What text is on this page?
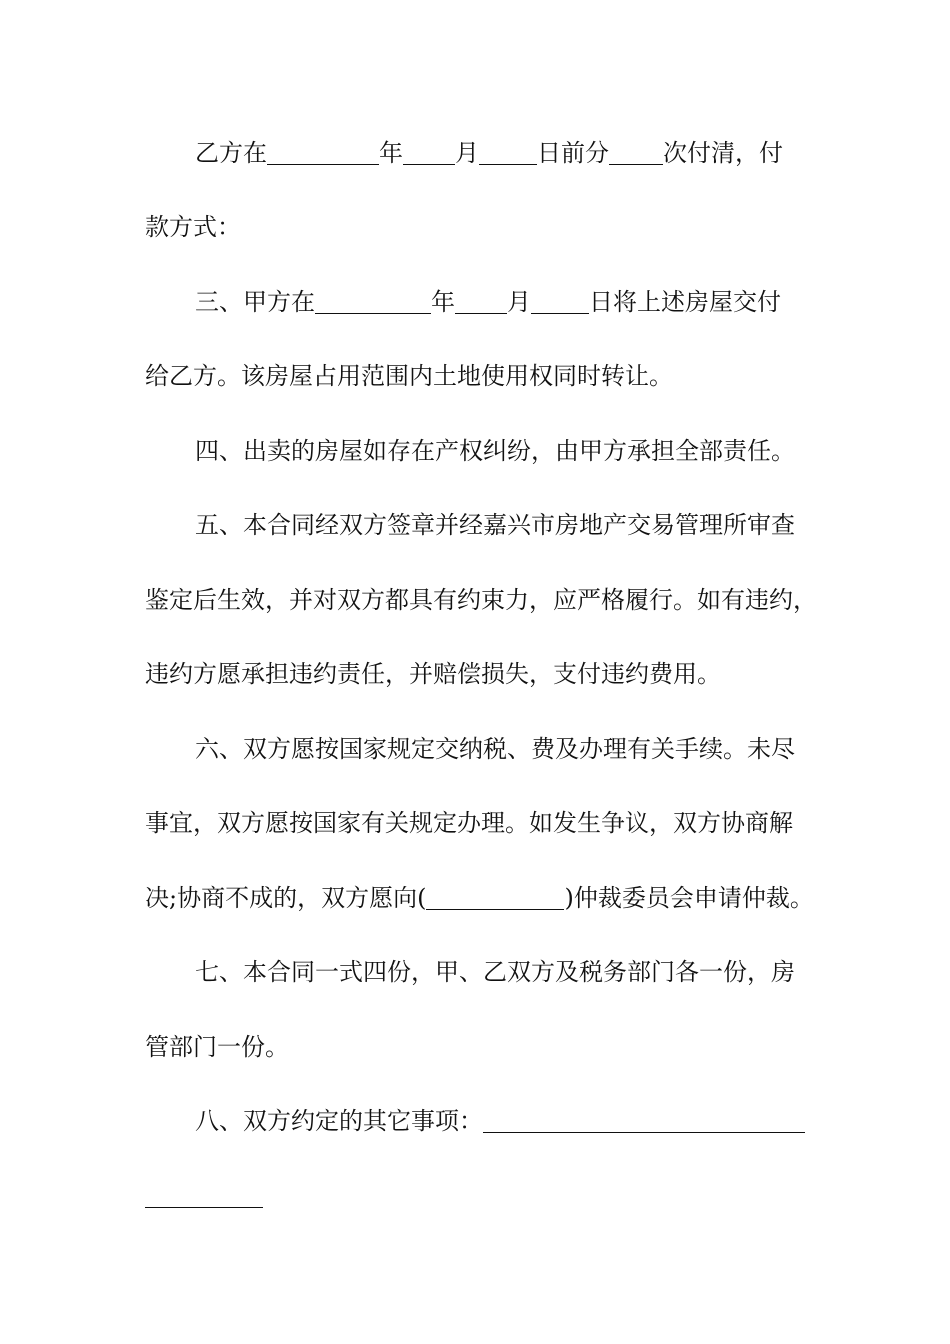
乙方在	年 月 日前分 次付清，付
款方式：
三、甲方在	年 月 日将上述房屋交付
给乙方。该房屋占用范围内土地使用权同时转让。
四、出卖的房屋如存在产权纠纷，由甲方承担全部责任。
五、本合同经双方签章并经嘉兴市房地产交易管理所审查
鉴定后生效，并对双方都具有约束力，应严格履行。如有违约，
违约方愿承担违约责任，并赔偿损失，支付违约费用。
六、双方愿按国家规定交纳税、费及办理有关手续。未尽
事宜，双方愿按国家有关规定办理。如发生争议，双方协商解
决;协商不成的，双方愿向(	)仲裁委员会申请仲裁。
七、本合同一式四份，甲、乙双方及税务部门各一份，房
管部门一份。
八、双方约定的其它事项：
